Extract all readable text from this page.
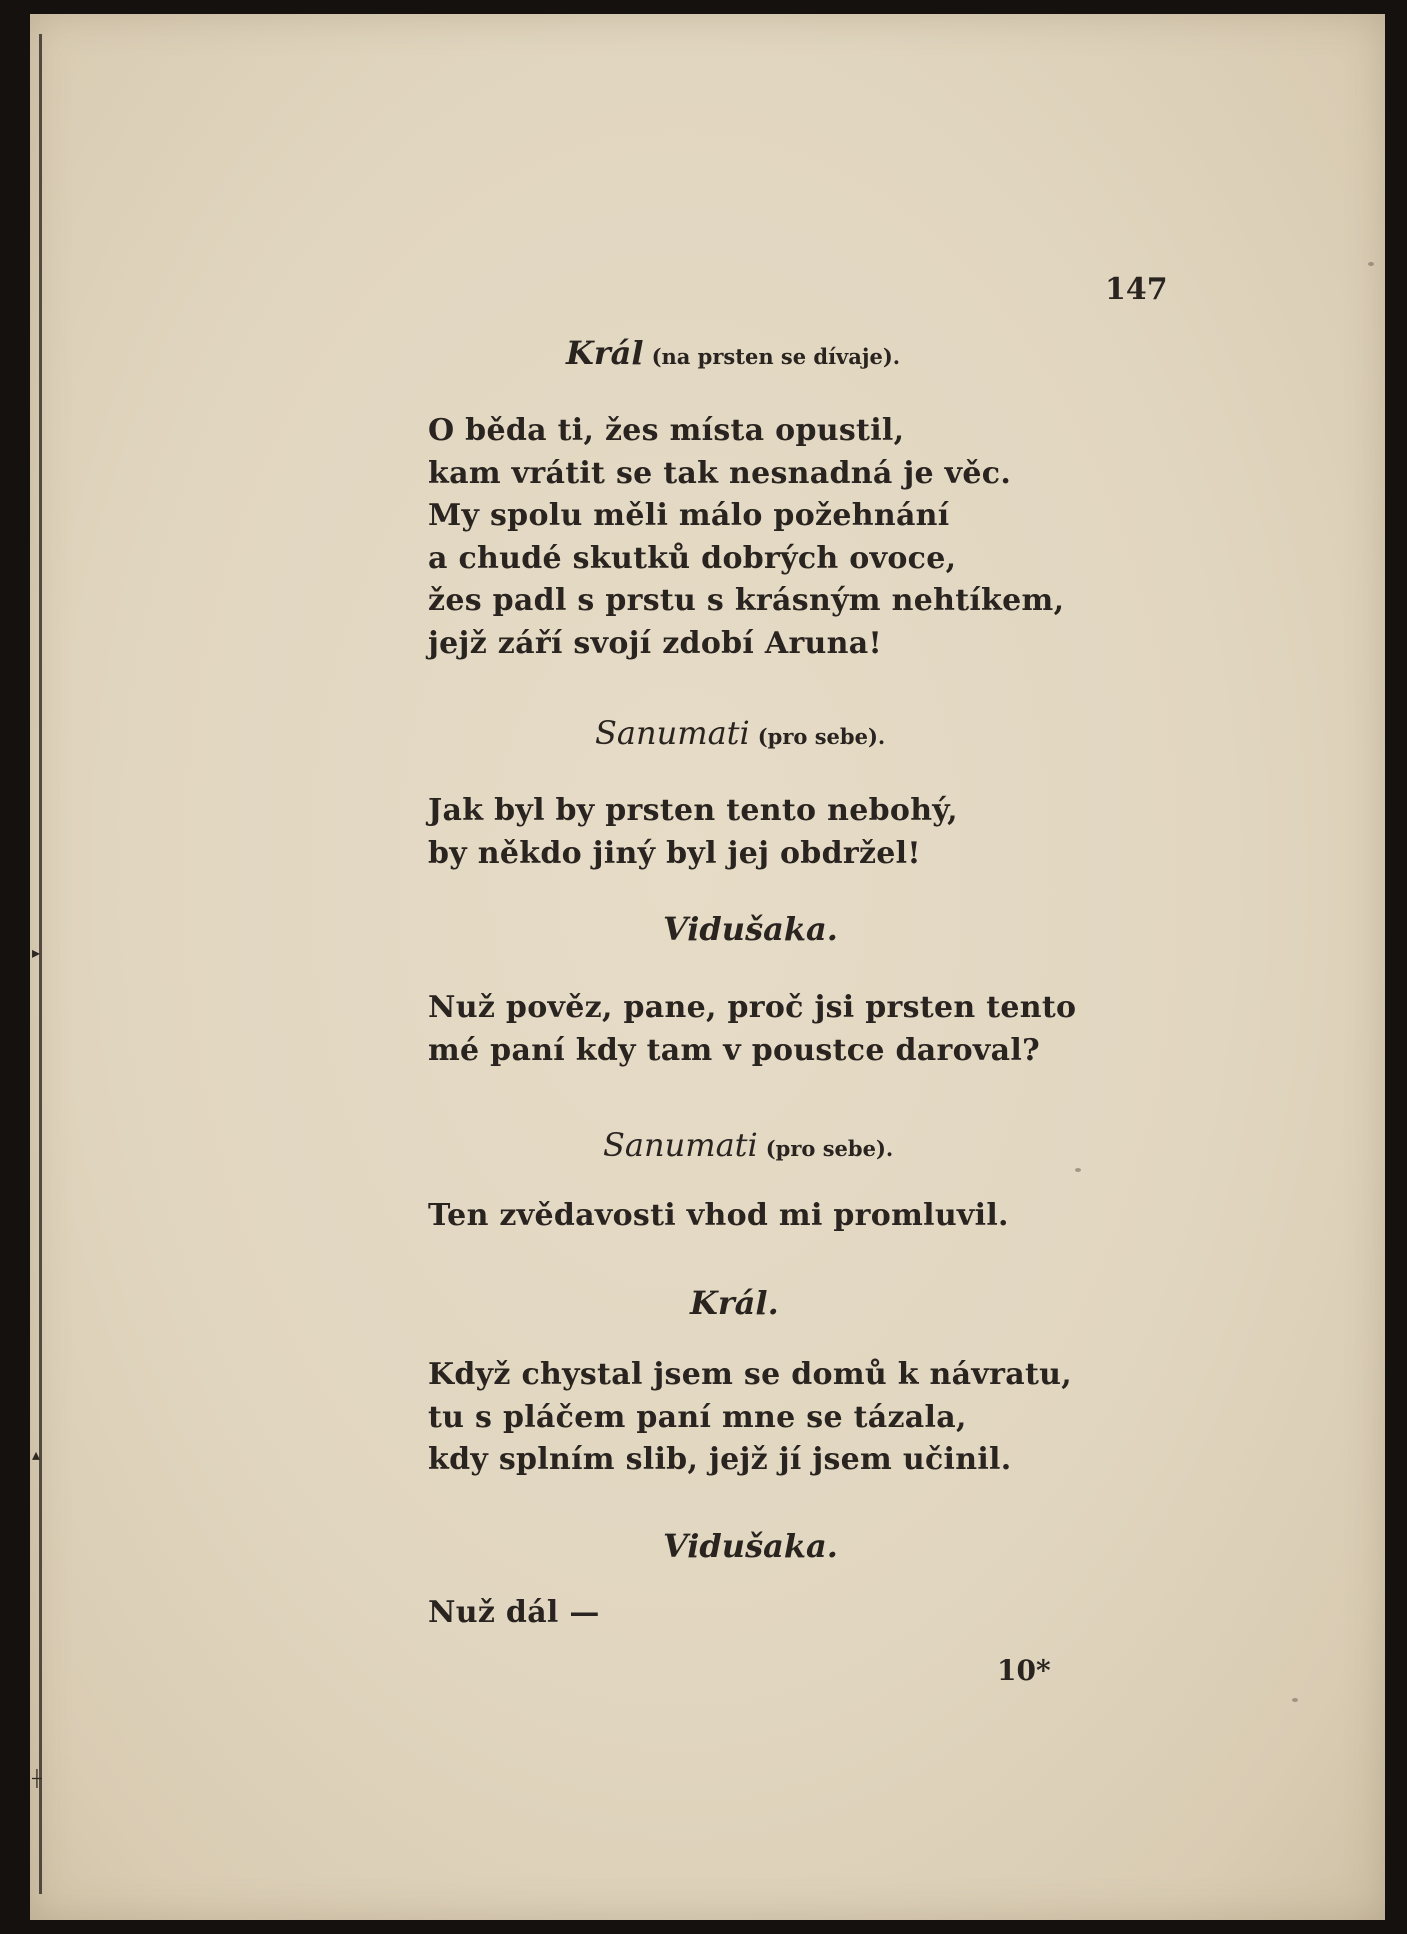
▸
▴
┼
147
Král (na prsten se dívaje).
O běda ti, žes místa opustil,
kam vrátit se tak nesnadná je věc.
My spolu měli málo požehnání
a chudé skutků dobrých ovoce,
žes padl s prstu s krásným nehtíkem,
jejž září svojí zdobí Aruna!
Sanumati (pro sebe).
Jak byl by prsten tento nebohý,
by někdo jiný byl jej obdržel!
Vidušaka.
Nuž pověz, pane, proč jsi prsten tento
mé paní kdy tam v poustce daroval?
Sanumati (pro sebe).
Ten zvědavosti vhod mi promluvil.
Král.
Když chystal jsem se domů k návratu,
tu s pláčem paní mne se tázala,
kdy splním slib, jejž jí jsem učinil.
Vidušaka.
Nuž dál —
10*
